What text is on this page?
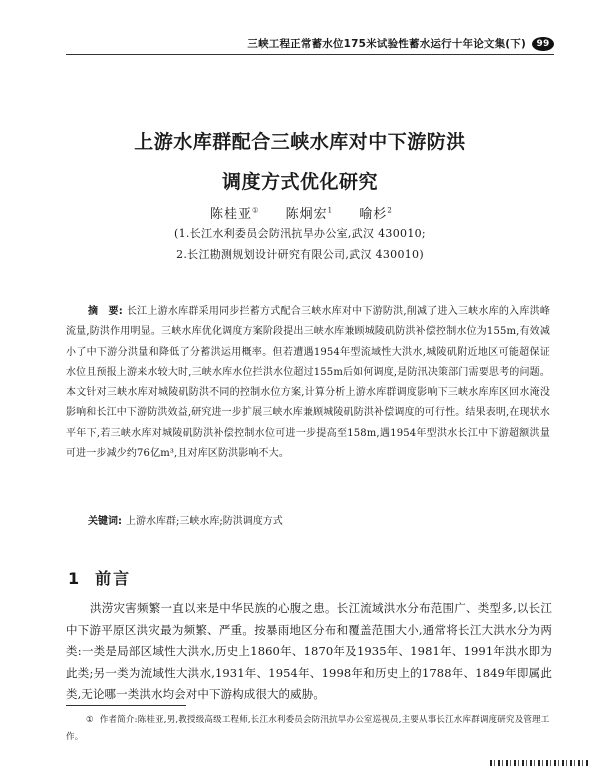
三峡工程正常蓄水位175米试验性蓄水运行十年论文集(下)	99
上游水库群配合三峡水库对中下游防洪
调度方式优化研究
陈桂亚① 陈炯宏$^1$ 喻杉$^2$
(1.长江水利委员会防汛抗旱办公室,武汉 430010;
2.长江勘测规划设计研究有限公司,武汉 430010)
摘　要: 长江上游水库群采用同步拦蓄方式配合三峡水库对中下游防洪,削减了进入三峡水库的入库洪峰流量,防洪作用明显。三峡水库优化调度方案阶段提出三峡水库兼顾城陵矶防洪补偿控制水位为155m,有效减小了中下游分洪量和降低了分蓄洪运用概率。但若遭遇1954年型流域性大洪水,城陵矶附近地区可能超保证水位且预报上游来水较大时,三峡水库水位拦洪水位超过155m后如何调度,是防汛决策部门需要思考的问题。本文针对三峡水库对城陵矶防洪不同的控制水位方案,计算分析上游水库群调度影响下三峡水库库区回水淹没影响和长江中下游防洪效益,研究进一步扩展三峡水库兼顾城陵矶防洪补偿调度的可行性。结果表明,在现状水平年下,若三峡水库对城陵矶防洪补偿控制水位可进一步提高至158m,遇1954年型洪水长江中下游超额洪量可进一步减少约76亿m³,且对库区防洪影响不大。
关键词: 上游水库群;三峡水库;防洪调度方式
1 前言
洪涝灾害频繁一直以来是中华民族的心腹之患。长江流域洪水分布范围广、类型多,以长江中下游平原区洪灾最为频繁、严重。按暴雨地区分布和覆盖范围大小,通常将长江大洪水分为两类:一类是局部区域性大洪水,历史上1860年、1870年及1935年、1981年、1991年洪水即为此类;另一类为流域性大洪水,1931年、1954年、1998年和历史上的1788年、1849年即属此类,无论哪一类洪水均会对中下游构成很大的威胁。
① 作者简介:陈桂亚,男,教授级高级工程师,长江水利委员会防汛抗旱办公室巡视员,主要从事长江水库群调度研究及管理工作。
